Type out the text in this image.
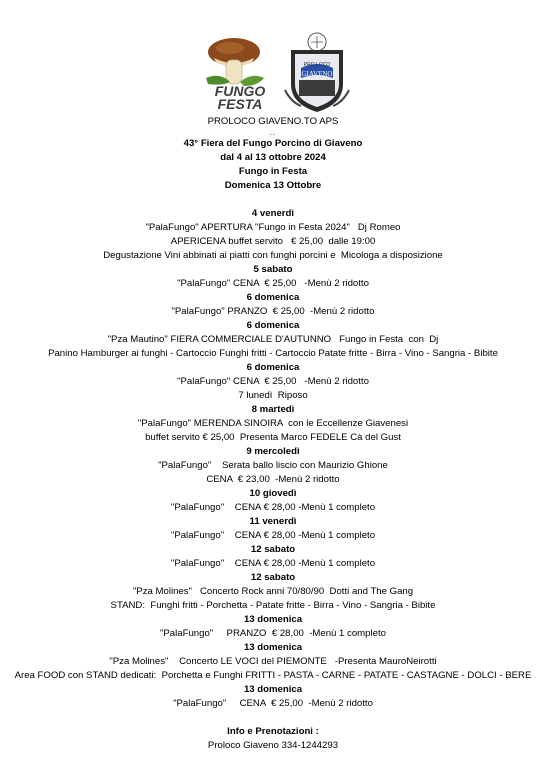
FUNGO
FESTA
PRO LOCO
GIAVENO
PROLOCO GIAVENO.TO APS
..
43° Fiera del Fungo Porcino di Giaveno
dal 4 al 13 ottobre 2024
Fungo in Festa
Domenica 13 Ottobre
4 venerdì
"PalaFungo" APERTURA "Fungo in Festa 2024"   Dj Romeo
APERICENA buffet servito   € 25,00  dalle 19:00
Degustazione Vini abbinati ai piatti con funghi porcini e  Micologa a disposizione
5 sabato
"PalaFungo" CENA  € 25,00   -Menù 2 ridotto
6 domenica
"PalaFungo" PRANZO  € 25,00  -Menù 2 ridotto
6 domenica
"Pza Mautino" FIERA COMMERCIALE D'AUTUNNO   Fungo in Festa  con  Dj
Panino Hamburger ai funghi - Cartoccio Funghi fritti - Cartoccio Patate fritte - Birra - Vino - Sangria - Bibite
6 domenica
"PalaFungo" CENA  € 25,00   -Menù 2 ridotto
7 lunedì  Riposo
8 martedì
"PalaFungo" MERENDA SINOIRA  con le Eccellenze Giavenesi
buffet servito € 25,00  Presenta Marco FEDELE Cà del Gust
9 mercoledì
"PalaFungo"    Serata ballo liscio con Maurizio Ghione
CENA  € 23,00  -Menù 2 ridotto
10 giovedì
"PalaFungo"    CENA € 28,00 -Menù 1 completo
11 venerdì
"PalaFungo"    CENA € 28,00 -Menù 1 completo
12 sabato
"PalaFungo"    CENA € 28,00 -Menù 1 completo
12 sabato
"Pza Molines"   Concerto Rock anni 70/80/90  Dotti and The Gang
STAND:  Funghi fritti - Porchetta - Patate fritte - Birra - Vino - Sangria - Bibite
13 domenica
"PalaFungo"     PRANZO  € 28,00  -Menù 1 completo
13 domenica
"Pza Molines"    Concerto LE VOCI del PIEMONTE   -Presenta MauroNeirotti
Area FOOD con STAND dedicati:  Porchetta e Funghi FRITTI - PASTA - CARNE - PATATE - CASTAGNE - DOLCI - BERE
13 domenica
"PalaFungo"     CENA  € 25,00  -Menù 2 ridotto
Info e Prenotazioni :
Proloco Giaveno 334-1244293
